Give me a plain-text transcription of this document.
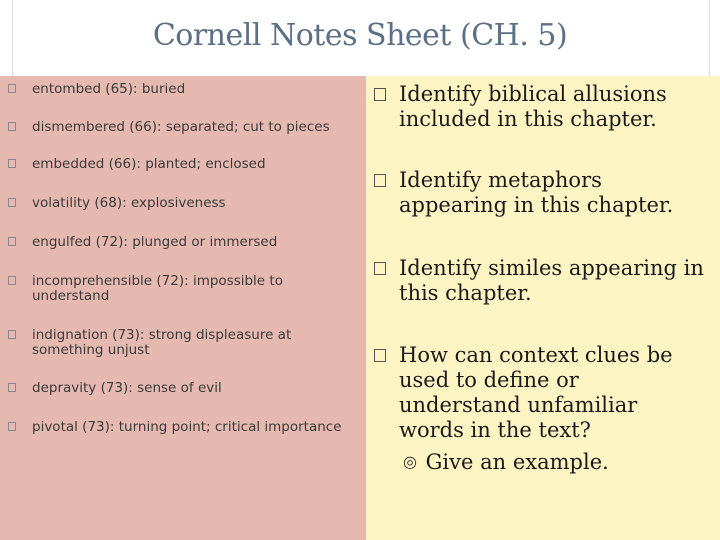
Cornell Notes Sheet (CH. 5)
entombed (65): buried
dismembered (66): separated; cut to pieces
embedded (66): planted; enclosed
volatility (68): explosiveness
engulfed (72): plunged or immersed
incomprehensible (72): impossible to understand
indignation (73): strong displeasure at something unjust
depravity (73): sense of evil
pivotal (73): turning point; critical importance
Identify biblical allusions included in this chapter.
Identify metaphors appearing in this chapter.
Identify similes appearing in this chapter.
How can context clues be used to define or understand unfamiliar words in the text?
◎ Give an example.
